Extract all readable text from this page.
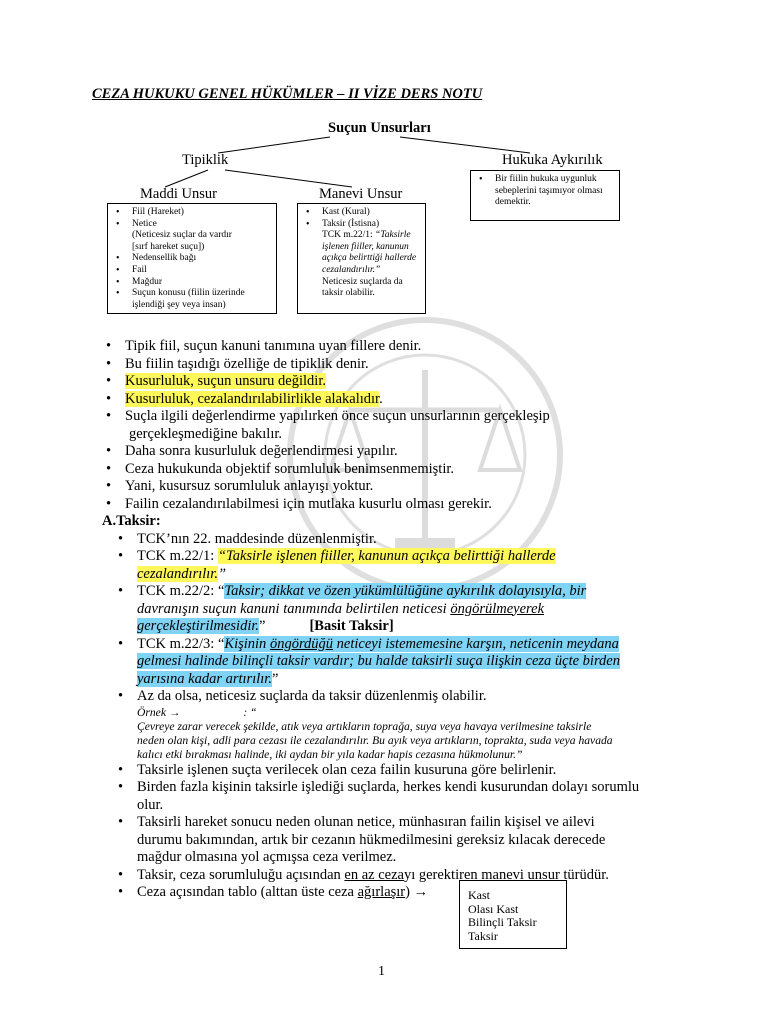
CEZA HUKUKU GENEL HÜKÜMLER – II VİZE DERS NOTU
Suçun Unsurları
Tipiklik	Hukuka Aykırılık
Maddi Unsur	Manevi Unsur
• Fiil (Hareket)
• Netice
(Neticesiz suçlar da vardır
[sırf hareket suçu])
• Nedensellik bağı
• Fail
• Mağdur
• Suçun konusu (fiilin üzerinde
işlendiği şey veya insan)
• Kast (Kural)
• Taksir (İstisna)
TCK m.22/1: “Taksirle
işlenen fiiller, kanunun
açıkça belirttiği hallerde
cezalandırılır.”
Neticesiz suçlarda da
taksir olabilir.
• Bir fiilin hukuka uygunluk
sebeplerini taşımıyor olması
demektir.
• Tipik fiil, suçun kanuni tanımına uyan fillere denir.
• Bu fiilin taşıdığı özelliğe de tipiklik denir.
• Kusurluluk, suçun unsuru değildir.
• Kusurluluk, cezalandırılabilirlikle alakalıdır.
• Suçla ilgili değerlendirme yapılırken önce suçun unsurlarının gerçekleşip
gerçekleşmediğine bakılır.
• Daha sonra kusurluluk değerlendirmesi yapılır.
• Ceza hukukunda objektif sorumluluk benimsenmemiştir.
• Yani, kusursuz sorumluluk anlayışı yoktur.
• Failin cezalandırılabilmesi için mutlaka kusurlu olması gerekir.
A.Taksir:
• TCK’nın 22. maddesinde düzenlenmiştir.
• TCK m.22/1: “Taksirle işlenen fiiller, kanunun açıkça belirttiği hallerde
cezalandırılır.”
• TCK m.22/2: “Taksir; dikkat ve özen yükümlülüğüne aykırılık dolayısıyla, bir
davranışın suçun kanuni tanımında belirtilen neticesi öngörülmeyerek
gerçekleştirilmesidir.”	[Basit Taksir]
• TCK m.22/3: “Kişinin öngördüğü neticeyi istememesine karşın, neticenin meydana
gelmesi halinde bilinçli taksir vardır; bu halde taksirli suça ilişkin ceza üçte birden
yarısına kadar artırılır.”
• Az da olsa, neticesiz suçlarda da taksir düzenlenmiş olabilir.
Örnek →	: “
Çevreye zarar verecek şekilde, atık veya artıkların toprağa, suya veya havaya verilmesine taksirle
neden olan kişi, adli para cezası ile cezalandırılır. Bu ayık veya artıkların, toprakta, suda veya havada
kalıcı etki bırakması halinde, iki aydan bir yıla kadar hapis cezasına hükmolunur.”
• Taksirle işlenen suçta verilecek olan ceza failin kusuruna göre belirlenir.
• Birden fazla kişinin taksirle işlediği suçlarda, herkes kendi kusurundan dolayı sorumlu
olur.
• Taksirli hareket sonucu neden olunan netice, münhasıran failin kişisel ve ailevi
durumu bakımından, artık bir cezanın hükmedilmesini gereksiz kılacak derecede
mağdur olmasına yol açmışsa ceza verilmez.
• Taksir, ceza sorumluluğu açısından en az cezayı gerektiren manevi unsur türüdür.
• Ceza açısından tablo (alttan üste ceza ağırlaşır) →	Kast
Olası Kast
Bilinçli Taksir
Taksir
1
